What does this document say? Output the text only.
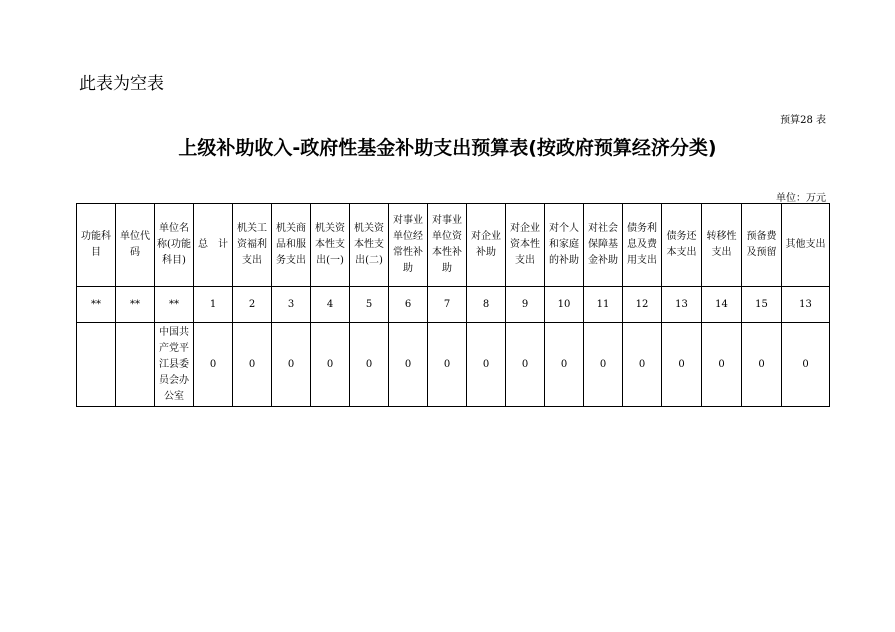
此表为空表
预算28 表
上级补助收入-政府性基金补助支出预算表(按政府预算经济分类)
单位：万元
功能科目	单位代码	单位名称(功能科目)	总　计	机关工资福利支出	机关商品和服务支出	机关资本性支出(一)	机关资本性支出(二)	对事业单位经常性补助	对事业单位资本性补助	对企业补助	对企业资本性支出	对个人和家庭的补助	对社会保障基金补助	债务利息及费用支出	债务还本支出	转移性支出	预备费及预留	其他支出
**	**	**	1	2	3	4	5	6	7	8	9	10	11	12	13	14	15	13
		中国共产党平江县委员会办公室	0	0	0	0	0	0	0	0	0	0	0	0	0	0	0	0
